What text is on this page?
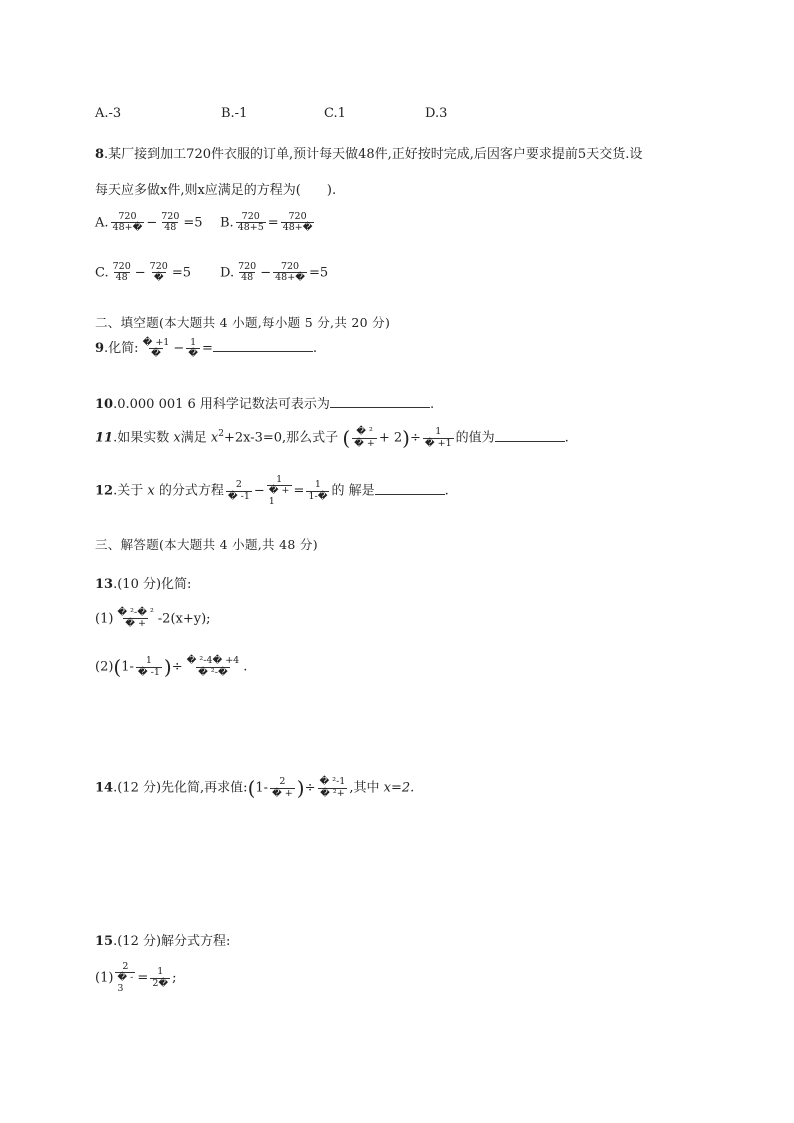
A.-3	B.-1	C.1	D.3
8.某厂接到加工720件衣服的订单,预计每天做48件,正好按时完成,后因客户要求提前5天交货.设
每天应多做x件,则x应满足的方程为(　　).
A. $\frac{720}{48+�} - \frac{720}{48} =5$ B. $\frac{720}{48+5} = \frac{720}{48+�}$
C. $\frac{720}{48} - \frac{720}{�} =5$ D. $\frac{720}{48} - \frac{720}{48+�} =5$
二、填空题(本大题共 4 小题,每小题 5 分,共 20 分)
9.化简: $\frac{� +1}{�} - \frac{1}{�}$ =	.
10.0.000 001 6 用科学记数法可表示为	.
11.如果实数 x满足 $x^2+2x-3=0$,那么式子 ( $\frac{\text{� ²}}{� +} + 2)\div \frac{1}{� +1}$ 的值为	.
12.关于 x 的分式方程 $\frac{2}{� -1}$ −
1
� +
1
= $\frac{1}{1-�}$ 的 解是	.
三、解答题(本大题共 4 小题,共 48 分)
13.(10 分)化简:
$(1) \frac{\text{� ²-� ²}}{� +} -2(x+y)$;
$(2)(1- \frac{1}{� -1}$ )÷ $\frac{\text{� ²-4� +4}}{\text{� ²-�}}$ .
14.(12 分)先化简,再求值:(1- $\frac{2}{� +}$ )÷ $\frac{\text{� ²-1}}{\text{� ²+}}$ ,其中 x=2.
15.(12 分)解分式方程:
(1)
2
� -
3
= $\frac{1}{2�}$ ;
